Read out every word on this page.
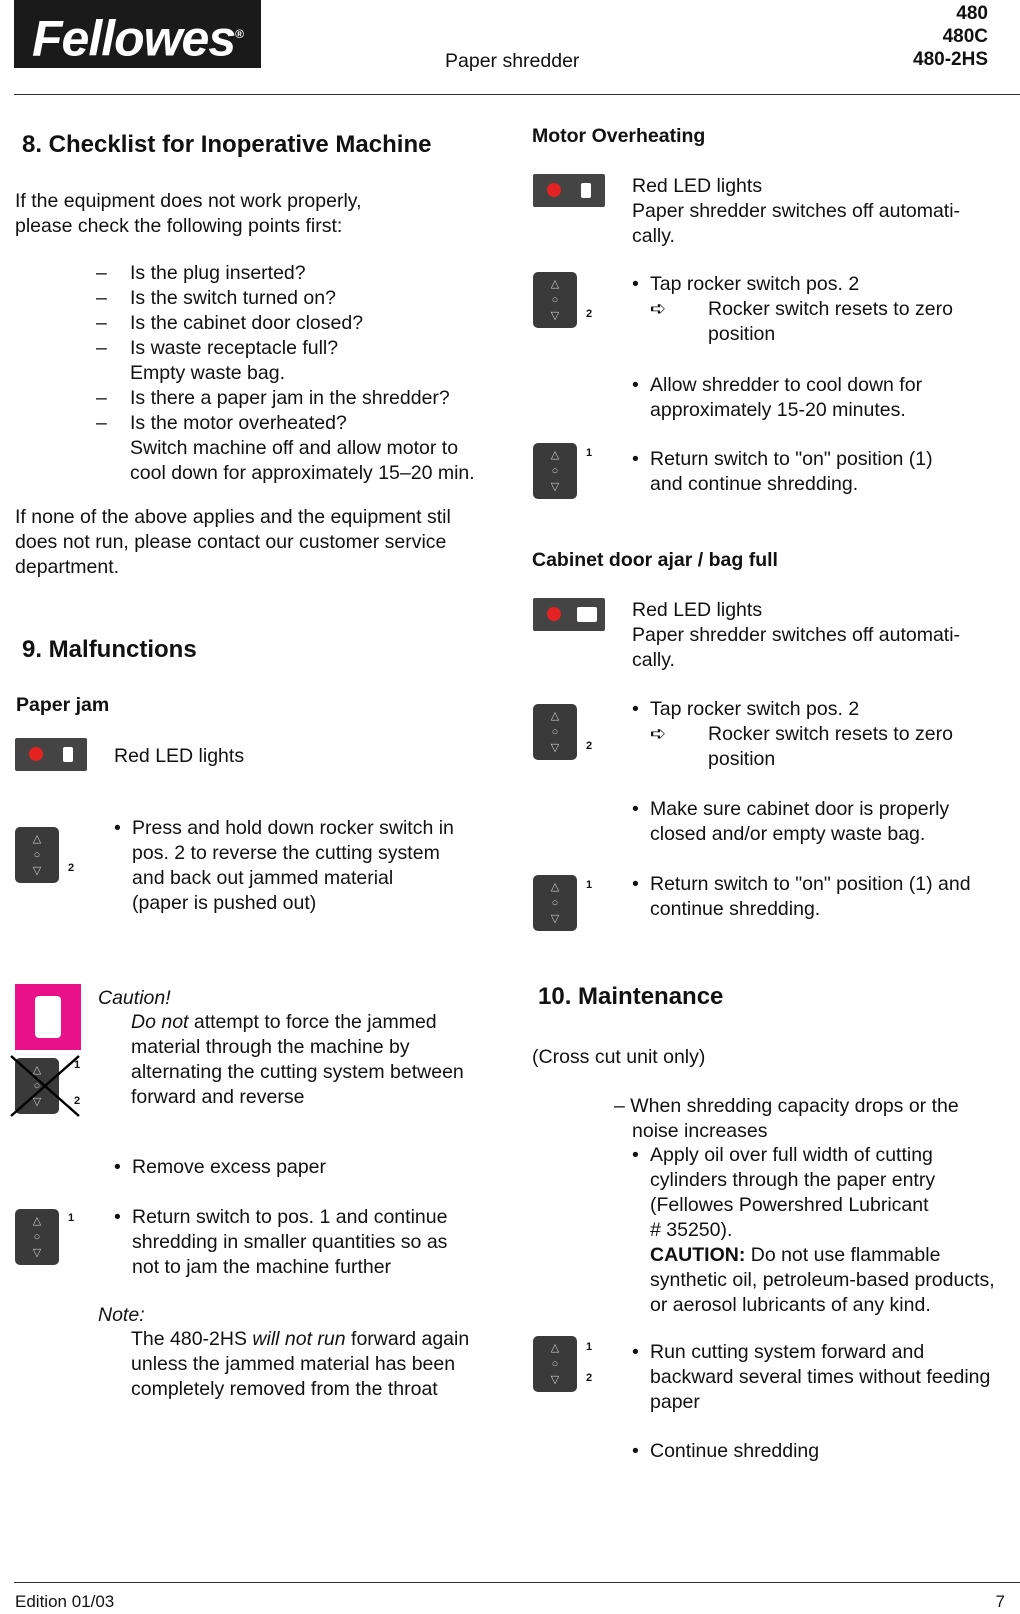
Fellowes®
Paper shredder
480
480C
480-2HS
8. Checklist for Inoperative Machine
If the equipment does not work properly,
please check the following points first:
– Is the plug inserted?
– Is the switch turned on?
– Is the cabinet door closed?
– Is waste receptacle full?
Empty waste bag.
– Is there a paper jam in the shredder?
– Is the motor overheated?
Switch machine off and allow motor to
cool down for approximately 15–20 min.
If none of the above applies and the equipment stil
does not run, please contact our customer service
department.
9. Malfunctions
Paper jam
Red LED lights
△
○
▽	2
• Press and hold down rocker switch in
pos. 2 to reverse the cutting system
and back out jammed material
(paper is pushed out)
△
○
▽
1
2
Caution!
Do not attempt to force the jammed
material through the machine by
alternating the cutting system between
forward and reverse
• Remove excess paper
△
○
▽
1 • Return switch to pos. 1 and continue
shredding in smaller quantities so as
not to jam the machine further
Note:
The 480-2HS will not run forward again
unless the jammed material has been
completely removed from the throat
Motor Overheating
Red LED lights
Paper shredder switches off automati-
cally.
△
○
▽	2
• Tap rocker switch pos. 2
➪ Rocker switch resets to zero
position
• Allow shredder to cool down for
approximately 15-20 minutes.
△
○
▽
1 • Return switch to "on" position (1)
and continue shredding.
Cabinet door ajar / bag full
Red LED lights
Paper shredder switches off automati-
cally.
△
○
▽	2
• Tap rocker switch pos. 2
➪ Rocker switch resets to zero
position
• Make sure cabinet door is properly
closed and/or empty waste bag.
△
○
▽
1 • Return switch to "on" position (1) and
continue shredding.
10. Maintenance
(Cross cut unit only)
– When shredding capacity drops or the
noise increases
• Apply oil over full width of cutting
cylinders through the paper entry
(Fellowes Powershred Lubricant
# 35250).
CAUTION: Do not use flammable
synthetic oil, petroleum-based products,
or aerosol lubricants of any kind.
△
○
▽
1
2
• Run cutting system forward and
backward several times without feeding
paper
• Continue shredding
Edition 01/03	7
